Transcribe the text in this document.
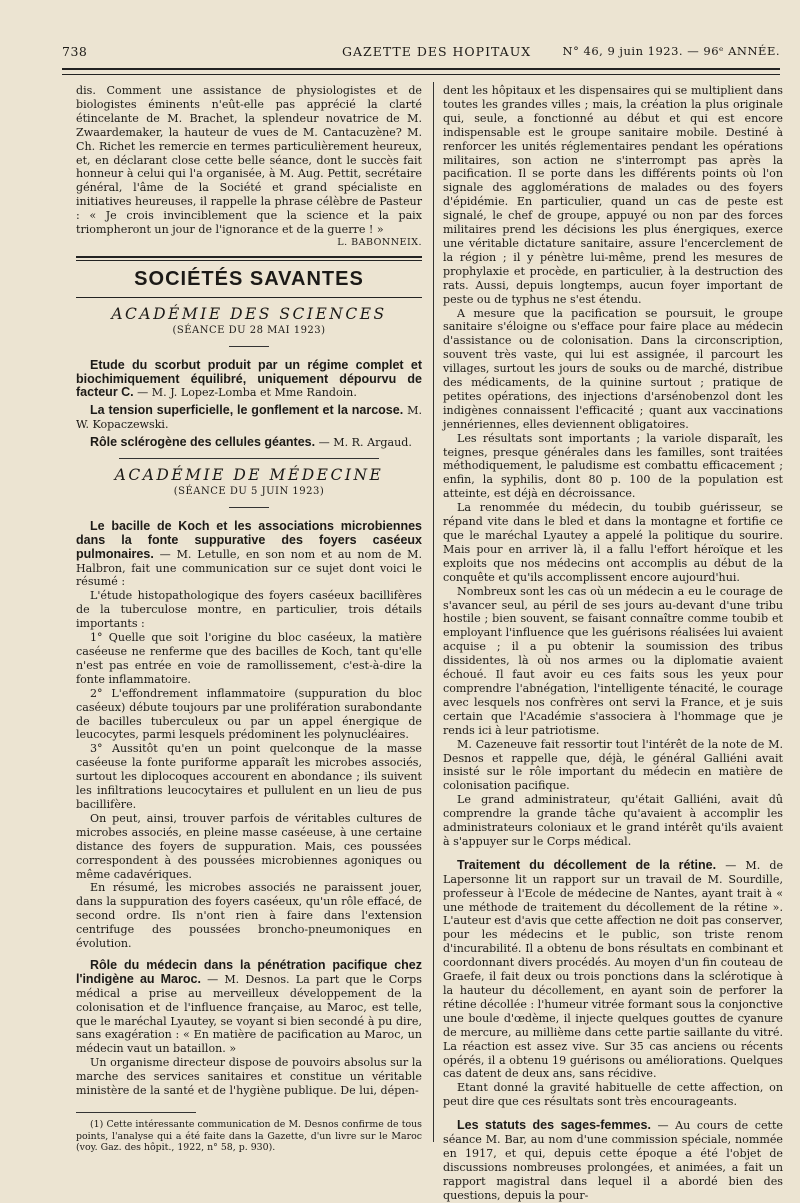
738	GAZETTE DES HOPITAUX	N° 46, 9 juin 1923. — 96ᵉ ANNÉE.

dis. Comment une assistance de physiologistes et de biologistes éminents n'eût-elle pas apprécié la clarté étincelante de M. Brachet, la splendeur novatrice de M. Zwaardemaker, la hauteur de vues de M. Cantacuzène? M. Ch. Richet les remercie en termes particulièrement heureux, et, en déclarant close cette belle séance, dont le succès fait honneur à celui qui l'a organisée, à M. Aug. Pettit, secrétaire général, l'âme de la Société et grand spécialiste en initiatives heureuses, il rappelle la phrase célèbre de Pasteur : « Je crois invinciblement que la science et la paix triompheront un jour de l'ignorance et de la guerre ! »

L. BABONNEIX.
SOCIÉTÉS SAVANTES
ACADÉMIE DES SCIENCES
(SÉANCE DU 28 MAI 1923)

Etude du scorbut produit par un régime complet et biochimiquement équilibré, uniquement dépourvu de facteur C. — M. J. Lopez-Lomba et Mme Randoin.

La tension superficielle, le gonflement et la narcose. M. W. Kopaczewski.

Rôle sclérogène des cellules géantes. — M. R. Argaud.

ACADÉMIE DE MÉDECINE
(SÉANCE DU 5 JUIN 1923)

Le bacille de Koch et les associations microbiennes dans la fonte suppurative des foyers caséeux pulmonaires. — M. Letulle, en son nom et au nom de M. Halbron, fait une communication sur ce sujet dont voici le résumé :

L'étude histopathologique des foyers caséeux bacillifères de la tuberculose montre, en particulier, trois détails importants :

1° Quelle que soit l'origine du bloc caséeux, la matière caséeuse ne renferme que des bacilles de Koch, tant qu'elle n'est pas entrée en voie de ramollissement, c'est-à-dire la fonte inflammatoire.

2° L'effondrement inflammatoire (suppuration du bloc caséeux) débute toujours par une prolifération surabondante de bacilles tuberculeux ou par un appel énergique de leucocytes, parmi lesquels prédominent les polynucléaires.

3° Aussitôt qu'en un point quelconque de la masse caséeuse la fonte puriforme apparaît les microbes associés, surtout les diplocoques accourent en abondance ; ils suivent les infiltrations leucocytaires et pullulent en un lieu de pus bacillifère.

On peut, ainsi, trouver parfois de véritables cultures de microbes associés, en pleine masse caséeuse, à une certaine distance des foyers de suppuration. Mais, ces poussées correspondent à des poussées microbiennes agoniques ou même cadavériques.

En résumé, les microbes associés ne paraissent jouer, dans la suppuration des foyers caséeux, qu'un rôle effacé, de second ordre. Ils n'ont rien à faire dans l'extension centrifuge des poussées broncho-pneumoniques en évolution.

Rôle du médecin dans la pénétration pacifique chez l'indigène au Maroc. — M. Desnos. La part que le Corps médical a prise au merveilleux développement de la colonisation et de l'influence française, au Maroc, est telle, que le maréchal Lyautey, se voyant si bien secondé à pu dire, sans exagération : « En matière de pacification au Maroc, un médecin vaut un bataillon. »

Un organisme directeur dispose de pouvoirs absolus sur la marche des services sanitaires et constitue un véritable ministère de la santé et de l'hygiène publique. De lui, dépen-

(1) Cette intéressante communication de M. Desnos confirme de tous points, l'analyse qui a été faite dans la Gazette, d'un livre sur le Maroc (voy. Gaz. des hôpit., 1922, n° 58, p. 930).

dent les hôpitaux et les dispensaires qui se multiplient dans toutes les grandes villes ; mais, la création la plus originale qui, seule, a fonctionné au début et qui est encore indispensable est le groupe sanitaire mobile. Destiné à renforcer les unités réglementaires pendant les opérations militaires, son action ne s'interrompt pas après la pacification. Il se porte dans les différents points où l'on signale des agglomérations de malades ou des foyers d'épidémie. En particulier, quand un cas de peste est signalé, le chef de groupe, appuyé ou non par des forces militaires prend les décisions les plus énergiques, exerce une véritable dictature sanitaire, assure l'encerclement de la région ; il y pénètre lui-même, prend les mesures de prophylaxie et procède, en particulier, à la destruction des rats. Aussi, depuis longtemps, aucun foyer important de peste ou de typhus ne s'est étendu.

A mesure que la pacification se poursuit, le groupe sanitaire s'éloigne ou s'efface pour faire place au médecin d'assistance ou de colonisation. Dans la circonscription, souvent très vaste, qui lui est assignée, il parcourt les villages, surtout les jours de souks ou de marché, distribue des médicaments, de la quinine surtout ; pratique de petites opérations, des injections d'arsénobenzol dont les indigènes connaissent l'efficacité ; quant aux vaccinations jennériennes, elles deviennent obligatoires.

Les résultats sont importants ; la variole disparaît, les teignes, presque générales dans les familles, sont traitées méthodiquement, le paludisme est combattu efficacement ; enfin, la syphilis, dont 80 p. 100 de la population est atteinte, est déjà en décroissance.

La renommée du médecin, du toubib guérisseur, se répand vite dans le bled et dans la montagne et fortifie ce que le maréchal Lyautey a appelé la politique du sourire. Mais pour en arriver là, il a fallu l'effort héroïque et les exploits que nos médecins ont accomplis au début de la conquête et qu'ils accomplissent encore aujourd'hui.

Nombreux sont les cas où un médecin a eu le courage de s'avancer seul, au péril de ses jours au-devant d'une tribu hostile ; bien souvent, se faisant connaître comme toubib et employant l'influence que les guérisons réalisées lui avaient acquise ; il a pu obtenir la soumission des tribus dissidentes, là où nos armes ou la diplomatie avaient échoué. Il faut avoir eu ces faits sous les yeux pour comprendre l'abnégation, l'intelligente ténacité, le courage avec lesquels nos confrères ont servi la France, et je suis certain que l'Académie s'associera à l'hommage que je rends ici à leur patriotisme.

M. Cazeneuve fait ressortir tout l'intérêt de la note de M. Desnos et rappelle que, déjà, le général Galliéni avait insisté sur le rôle important du médecin en matière de colonisation pacifique.

Le grand administrateur, qu'était Galliéni, avait dû comprendre la grande tâche qu'avaient à accomplir les administrateurs coloniaux et le grand intérêt qu'ils avaient à s'appuyer sur le Corps médical.

Traitement du décollement de la rétine. — M. de Lapersonne lit un rapport sur un travail de M. Sourdille, professeur à l'Ecole de médecine de Nantes, ayant trait à « une méthode de traitement du décollement de la rétine ». L'auteur est d'avis que cette affection ne doit pas conserver, pour les médecins et le public, son triste renom d'incurabilité. Il a obtenu de bons résultats en combinant et coordonnant divers procédés. Au moyen d'un fin couteau de Graefe, il fait deux ou trois ponctions dans la sclérotique à la hauteur du décollement, en ayant soin de perforer la rétine décollée : l'humeur vitrée formant sous la conjonctive une boule d'œdème, il injecte quelques gouttes de cyanure de mercure, au millième dans cette partie saillante du vitré. La réaction est assez vive. Sur 35 cas anciens ou récents opérés, il a obtenu 19 guérisons ou améliorations. Quelques cas datent de deux ans, sans récidive.

Etant donné la gravité habituelle de cette affection, on peut dire que ces résultats sont très encourageants.

Les statuts des sages-femmes. — Au cours de cette séance M. Bar, au nom d'une commission spéciale, nommée en 1917, et qui, depuis cette époque a été l'objet de discussions nombreuses prolongées, et animées, a fait un rapport magistral dans lequel il a abordé bien des questions, depuis la pour-
